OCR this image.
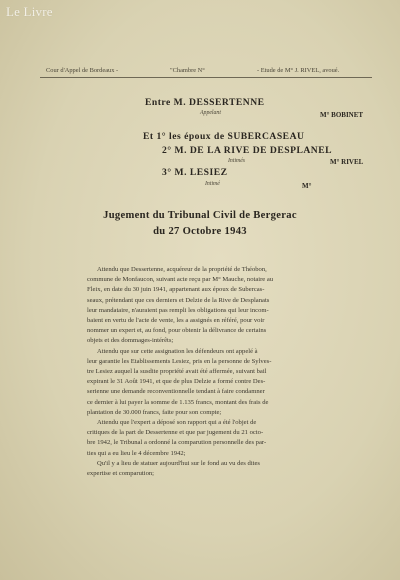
Le Livre
Cour d'Appel de Bordeaux -	"Chambre N°	- Etude de M° J. RIVEL, avoué.
Entre M. DESSERTENNE
Appelant	M° BOBINET
Et 1° les époux de SUBERCASEAU
2° M. DE LA RIVE DE DESPLANEL
Intimés	M° RIVEL
3° M. LESIEZ
Intimé	M°
Jugement du Tribunal Civil de Bergerac
du 27 Octobre 1943
Attendu que Dessertenne, acquéreur de la propriété de Théobon,
commune de Monfaucon, suivant acte reçu par M° Mauche, notaire au
Fleix, en date du 30 juin 1941, appartenant aux époux de Subercas-
seaux, prétendant que ces derniers et Delzie de la Rive de Desplanats
leur mandataire, n'auraient pas rempli les obligations qui leur incom-
baient en vertu de l'acte de vente, les a assignés en référé, pour voir
nommer un expert et, au fond, pour obtenir la délivrance de certains
objets et des dommages-intérêts;
Attendu que sur cette assignation les défendeurs ont appelé à
leur garantie les Etablissements Lesiez, pris en la personne de Sylves-
tre Lesiez auquel la susdite propriété avait été affermée, suivant bail
expirant le 31 Août 1941, et que de plus Delzie a formé contre Des-
serienne une demande reconventionnelle tendant à faire condamner
ce dernier à lui payer la somme de 1.135 francs, montant des frais de
plantation de 30.000 francs, faite pour son compte;
Attendu que l'expert a déposé son rapport qui a été l'objet de
critiques de la part de Dessertenne et que par jugement du 21 octo-
bre 1942, le Tribunal a ordonné la comparution personnelle des par-
ties qui a eu lieu le 4 décembre 1942;
Qu'il y a lieu de statuer aujourd'hui sur le fond au vu des dites
expertise et comparution;
